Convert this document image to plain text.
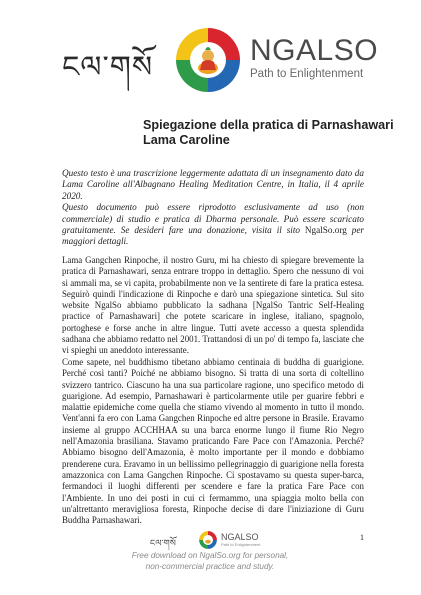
ངལ་གསོ	NGALSO
Path to Enlightenment
Spiegazione della pratica di Parnashawari
Lama Caroline

Questo testo è una trascrizione leggermente adattata di un insegnamento dato da Lama Caroline all'Albagnano Healing Meditation Centre, in Italia, il 4 aprile 2020.

Questo documento può essere riprodotto esclusivamente ad uso (non commerciale) di studio e pratica di Dharma personale. Può essere scaricato gratuitamente. Se desideri fare una donazione, visita il sito NgalSo.org per maggiori dettagli.

Lama Gangchen Rinpoche, il nostro Guru, mi ha chiesto di spiegare brevemente la pratica di Parnashawari, senza entrare troppo in dettaglio. Spero che nessuno di voi si ammali ma, se vi capita, probabilmente non ve la sentirete di fare la pratica estesa. Seguirò quindi l'indicazione di Rinpoche e darò una spiegazione sintetica. Sul sito website NgalSo abbiamo pubblicato la sadhana [NgalSo Tantric Self-Healing practice of Parnashawari] che potete scaricare in inglese, italiano, spagnolo, portoghese e forse anche in altre lingue. Tutti avete accesso a questa splendida sadhana che abbiamo redatto nel 2001. Trattandosi di un po' di tempo fa, lasciate che vi spieghi un aneddoto interessante.

Come sapete, nel buddhismo tibetano abbiamo centinaia di buddha di guarigione. Perché così tanti? Poiché ne abbiamo bisogno. Si tratta di una sorta di coltellino svizzero tantrico. Ciascuno ha una sua particolare ragione, uno specifico metodo di guarigione. Ad esempio, Parnashawari è particolarmente utile per guarire febbri e malattie epidemiche come quella che stiamo vivendo al momento in tutto il mondo. Vent'anni fa ero con Lama Gangchen Rinpoche ed altre persone in Brasile. Eravamo insieme al gruppo ACCHHAA su una barca enorme lungo il fiume Rio Negro nell'Amazonia brasiliana. Stavamo praticando Fare Pace con l'Amazonia. Perché? Abbiamo bisogno dell'Amazonia, è molto importante per il mondo e dobbiamo prenderene cura. Eravamo in un bellissimo pellegrinaggio di guarigione nella foresta amazzonica con Lama Gangchen Rinpoche. Ci spostavamo su questa super-barca, fermandoci il luoghi differenti per scendere e fare la pratica Fare Pace con l'Ambiente. In uno dei posti in cui ci fermammo, una spiaggia molto bella con un'altrettanto meravigliosa foresta, Rinpoche decise di dare l'iniziazione di Guru Buddha Parnashawari.

ངལ་གསོ
NGALSO
Path to Enlightenment
Free download on NgalSo.org for personal,
non-commercial practice and study.
1
